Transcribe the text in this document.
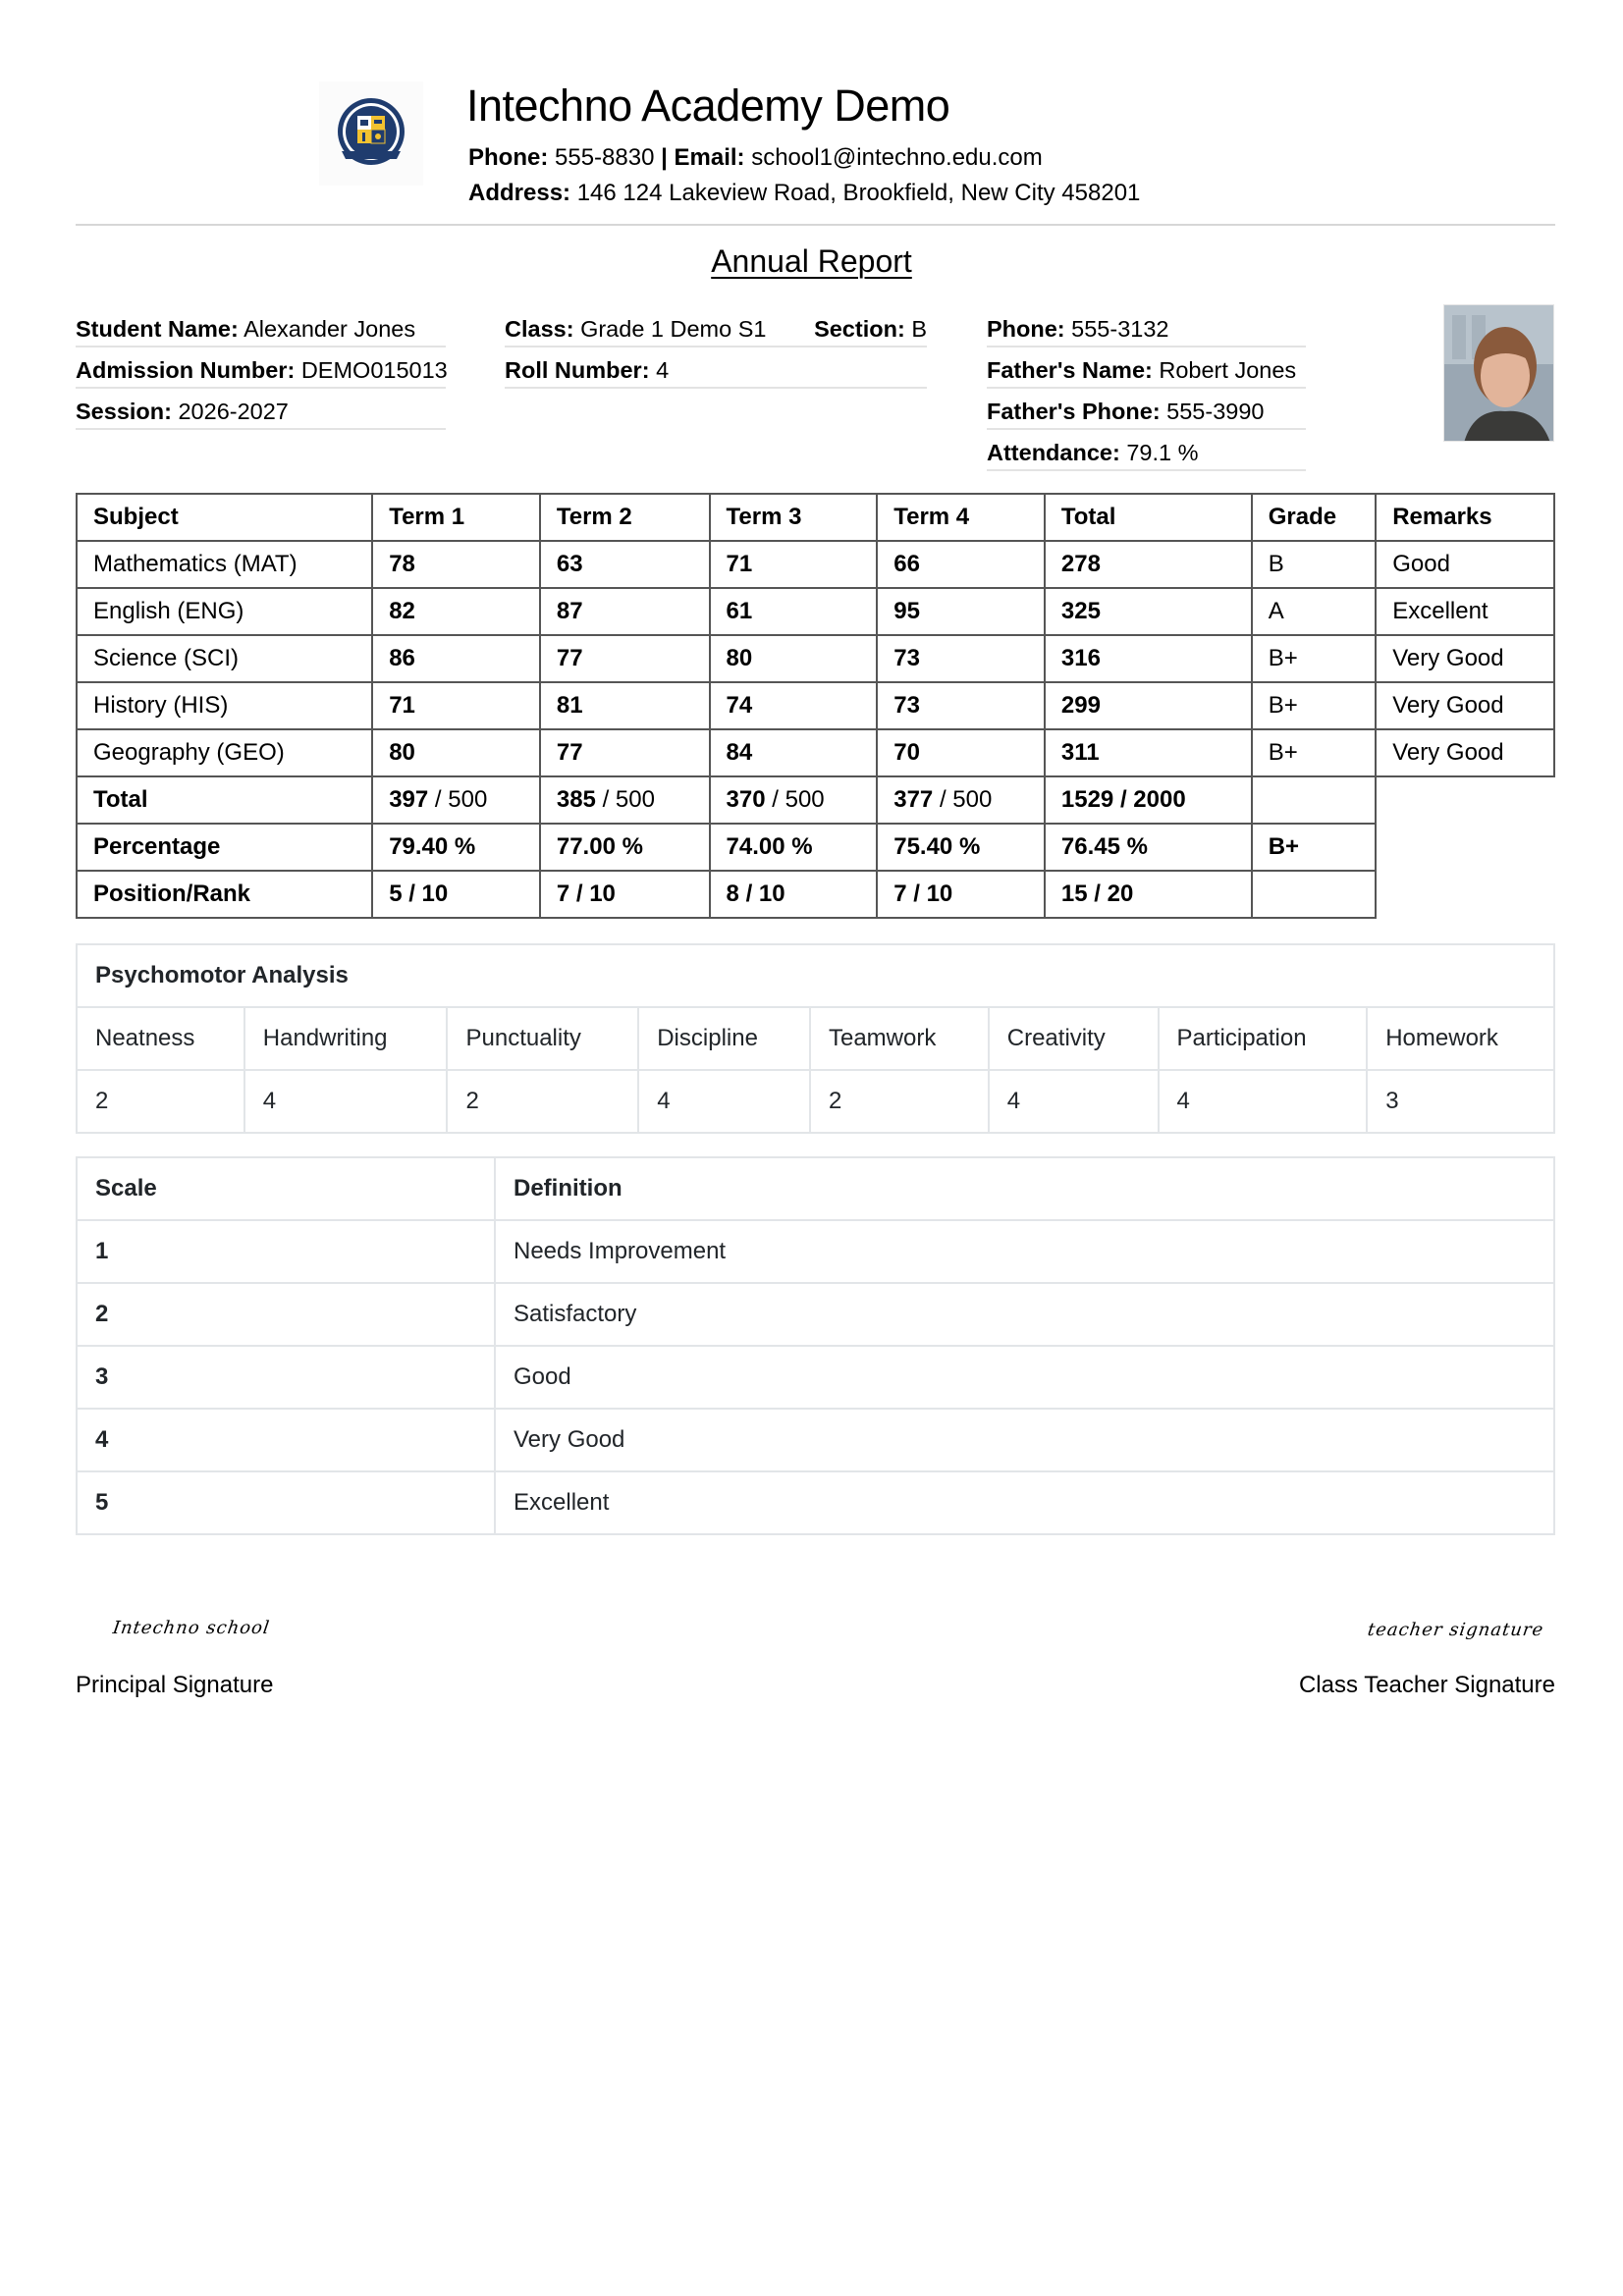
Intechno Academy Demo
Phone: 555-8830 | Email: school1@intechno.edu.com
Address: 146 124 Lakeview Road, Brookfield, New City 458201
Annual Report
Student Name: Alexander Jones
Admission Number: DEMO015013
Session: 2026-2027
Class: Grade 1 Demo S1 Section: B
Roll Number: 4
Phone: 555-3132
Father's Name: Robert Jones
Father's Phone: 555-3990
Attendance: 79.1 %
Subject	Term 1	Term 2	Term 3	Term 4	Total	Grade	Remarks
Mathematics (MAT)	78	63	71	66	278	B	Good
English (ENG)	82	87	61	95	325	A	Excellent
Science (SCI)	86	77	80	73	316	B+	Very Good
History (HIS)	71	81	74	73	299	B+	Very Good
Geography (GEO)	80	77	84	70	311	B+	Very Good
Total	397 / 500	385 / 500	370 / 500	377 / 500	1529 / 2000		
Percentage	79.40 %	77.00 %	74.00 %	75.40 %	76.45 %	B+	
Position/Rank	5 / 10	7 / 10	8 / 10	7 / 10	15 / 20		
Psychomotor Analysis							
Neatness	Handwriting	Punctuality	Discipline	Teamwork	Creativity	Participation	Homework
2	4	2	4	2	4	4	3
Scale	Definition
1	Needs Improvement
2	Satisfactory
3	Good
4	Very Good
5	Excellent
Intechno school
Principal Signature
teacher signature
Class Teacher Signature
